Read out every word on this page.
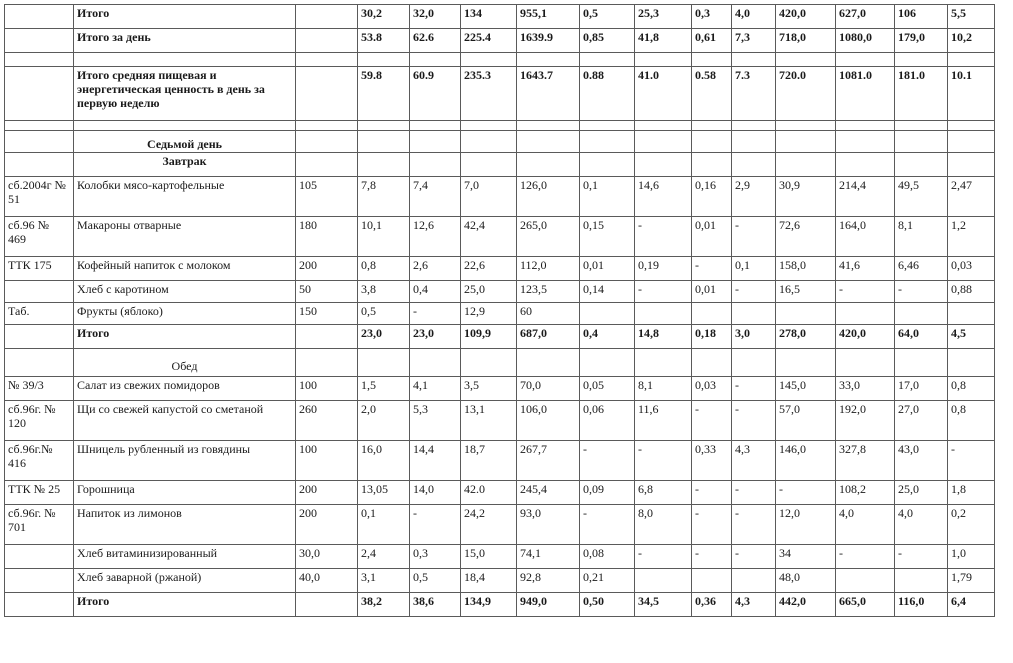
	Итого		30,2	32,0	134	955,1	0,5	25,3	0,3	4,0	420,0	627,0	106	5,5
	Итого за день		53.8	62.6	225.4	1639.9	0,85	41,8	0,61	7,3	718,0	1080,0	179,0	10,2

	Итого средняя пищевая и энергетическая ценность в день за первую неделю		59.8	60.9	235.3	1643.7	0.88	41.0	0.58	7.3	720.0	1081.0	181.0	10.1

	Седьмой день													
	Завтрак													
сб.2004г № 51	Колобки мясо-картофельные	105	7,8	7,4	7,0	126,0	0,1	14,6	0,16	2,9	30,9	214,4	49,5	2,47
сб.96 № 469	Макароны отварные	180	10,1	12,6	42,4	265,0	0,15	-	0,01	-	72,6	164,0	8,1	1,2
ТТК 175	Кофейный напиток с молоком	200	0,8	2,6	22,6	112,0	0,01	0,19	-	0,1	158,0	41,6	6,46	0,03
	Хлеб с каротином	50	3,8	0,4	25,0	123,5	0,14	-	0,01	-	16,5	-	-	0,88
Таб.	Фрукты (яблоко)	150	0,5	-	12,9	60								
	Итого		23,0	23,0	109,9	687,0	0,4	14,8	0,18	3,0	278,0	420,0	64,0	4,5
	Обед													
№ 39/3	Салат из свежих помидоров	100	1,5	4,1	3,5	70,0	0,05	8,1	0,03	-	145,0	33,0	17,0	0,8
сб.96г. № 120	Щи со свежей капустой со сметаной	260	2,0	5,3	13,1	106,0	0,06	11,6	-	-	57,0	192,0	27,0	0,8
сб.96г.№ 416	Шницель рубленный из говядины	100	16,0	14,4	18,7	267,7	-	-	0,33	4,3	146,0	327,8	43,0	-
ТТК № 25	Горошница	200	13,05	14,0	42.0	245,4	0,09	6,8	-	-	-	108,2	25,0	1,8
сб.96г. № 701	Напиток из лимонов	200	0,1	-	24,2	93,0	-	8,0	-	-	12,0	4,0	4,0	0,2
	Хлеб витаминизированный	30,0	2,4	0,3	15,0	74,1	0,08	-	-	-	34	-	-	1,0
	Хлеб заварной (ржаной)	40,0	3,1	0,5	18,4	92,8	0,21				48,0			1,79
	Итого		38,2	38,6	134,9	949,0	0,50	34,5	0,36	4,3	442,0	665,0	116,0	6,4
